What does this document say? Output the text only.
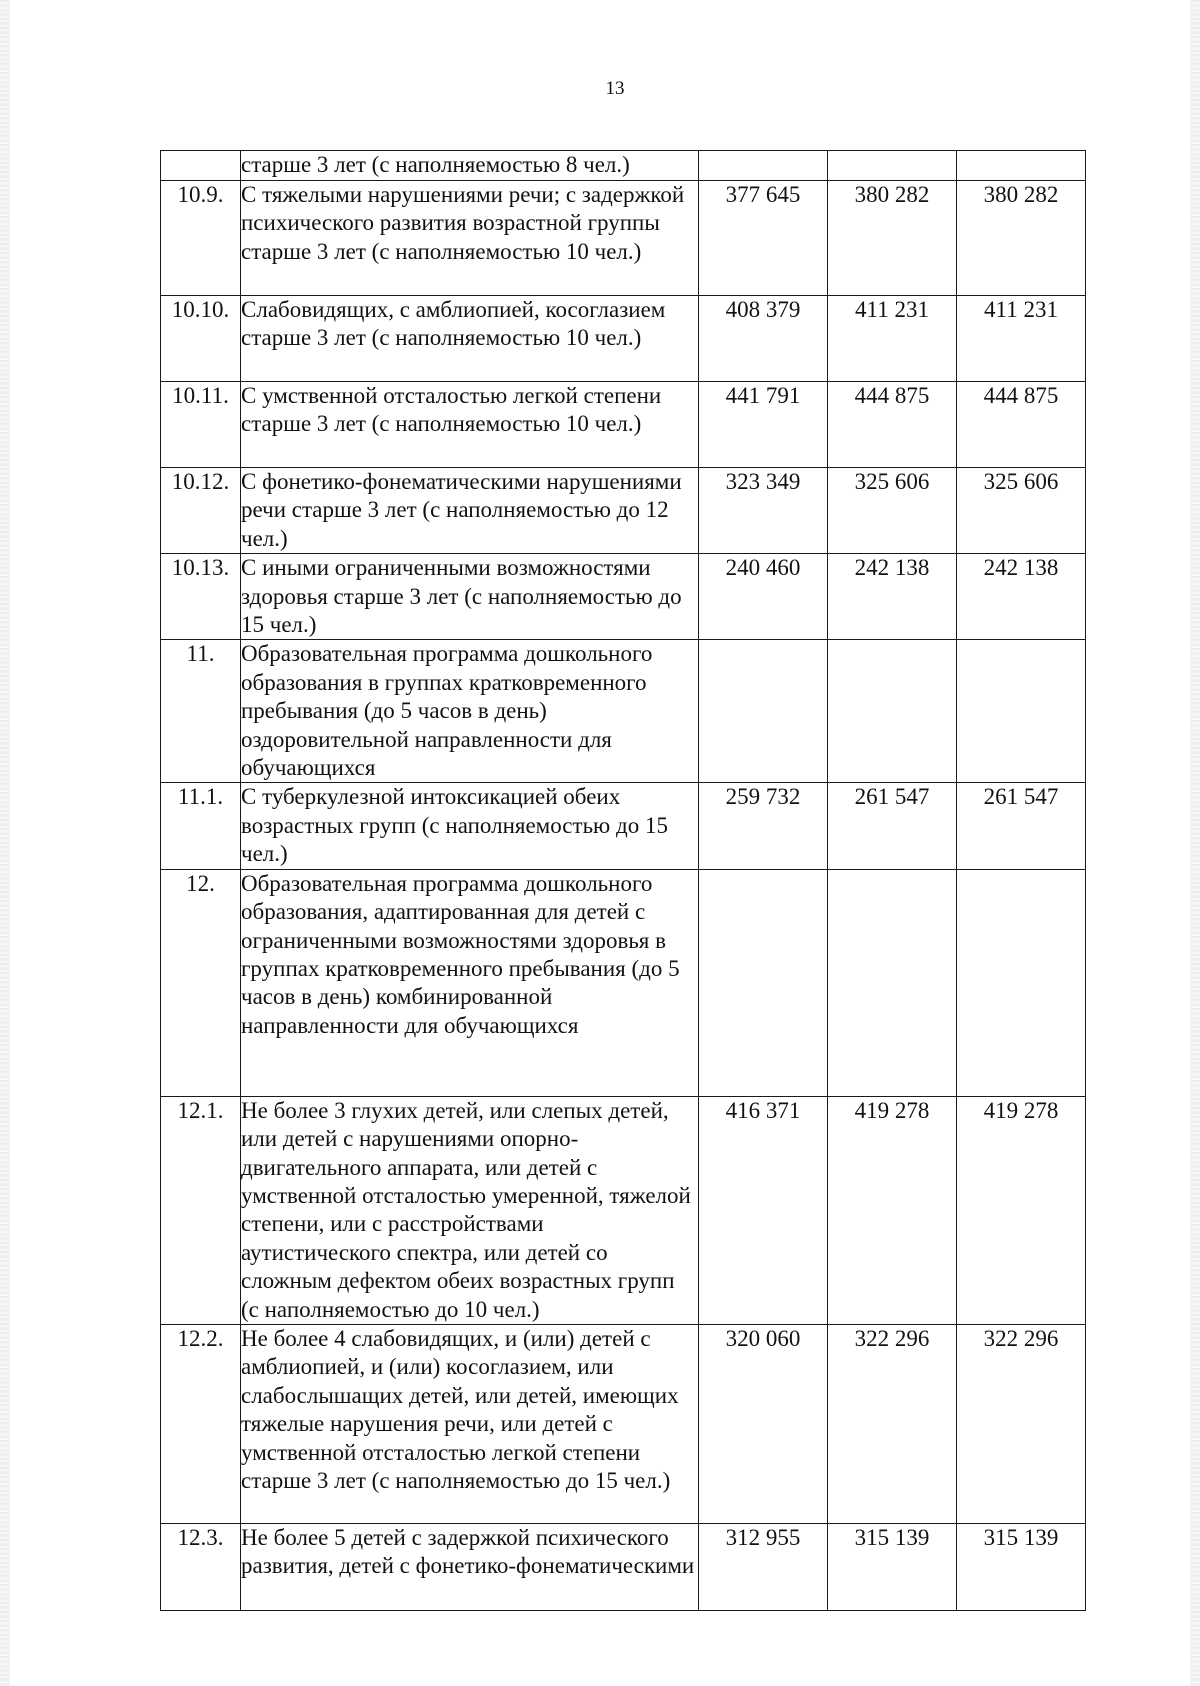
13
	старше 3 лет (с наполняемостью 8 чел.)			
10.9.	С тяжелыми нарушениями речи; с задержкой психического развития возрастной группы старше 3 лет (с наполняемостью 10 чел.)	377 645	380 282	380 282
10.10.	Слабовидящих, с амблиопией, косоглазием старше 3 лет (с наполняемостью 10 чел.)	408 379	411 231	411 231
10.11.	С умственной отсталостью легкой степени старше 3 лет (с наполняемостью 10 чел.)	441 791	444 875	444 875
10.12.	С фонетико-фонематическими нарушениями речи старше 3 лет (с наполняемостью до 12 чел.)	323 349	325 606	325 606
10.13.	С иными ограниченными возможностями здоровья старше 3 лет (с наполняемостью до 15 чел.)	240 460	242 138	242 138
11.	Образовательная программа дошкольного образования в группах кратковременного пребывания (до 5 часов в день) оздоровительной направленности для обучающихся			
11.1.	С туберкулезной интоксикацией обеих возрастных групп (с наполняемостью до 15 чел.)	259 732	261 547	261 547
12.	Образовательная программа дошкольного образования, адаптированная для детей с ограниченными возможностями здоровья в группах кратковременного пребывания (до 5 часов в день) комбинированной направленности для обучающихся			
12.1.	Не более 3 глухих детей, или слепых детей, или детей с нарушениями опорно-двигательного аппарата, или детей с умственной отсталостью умеренной, тяжелой степени, или с расстройствами аутистического спектра, или детей со сложным дефектом обеих возрастных групп (с наполняемостью до 10 чел.)	416 371	419 278	419 278
12.2.	Не более 4 слабовидящих, и (или) детей с амблиопией, и (или) косоглазием, или слабослышащих детей, или детей, имеющих тяжелые нарушения речи, или детей с умственной отсталостью легкой степени старше 3 лет (с наполняемостью до 15 чел.)	320 060	322 296	322 296
12.3.	Не более 5 детей с задержкой психического развития, детей с фонетико-фонематическими	312 955	315 139	315 139
